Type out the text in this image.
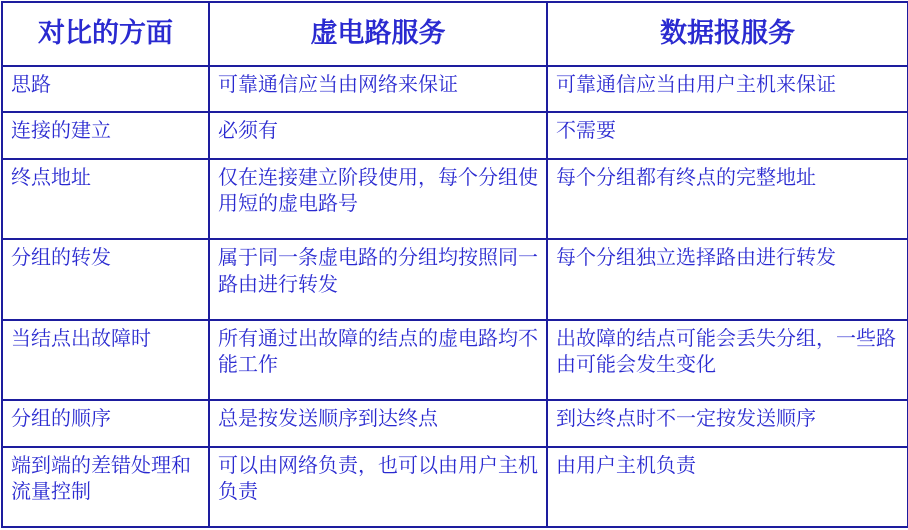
对比的方面	虚电路服务	数据报服务

思路	可靠通信应当由网络来保证	可靠通信应当由用户主机来保证

连接的建立	必须有	不需要

终点地址	仅在连接建立阶段使用，每个分组使用短的虚电路号	每个分组都有终点的完整地址

分组的转发	属于同一条虚电路的分组均按照同一路由进行转发	每个分组独立选择路由进行转发

当结点出故障时	所有通过出故障的结点的虚电路均不能工作	出故障的结点可能会丢失分组，一些路由可能会发生变化

分组的顺序	总是按发送顺序到达终点	到达终点时不一定按发送顺序

端到端的差错处理和流量控制	可以由网络负责，也可以由用户主机负责	由用户主机负责
